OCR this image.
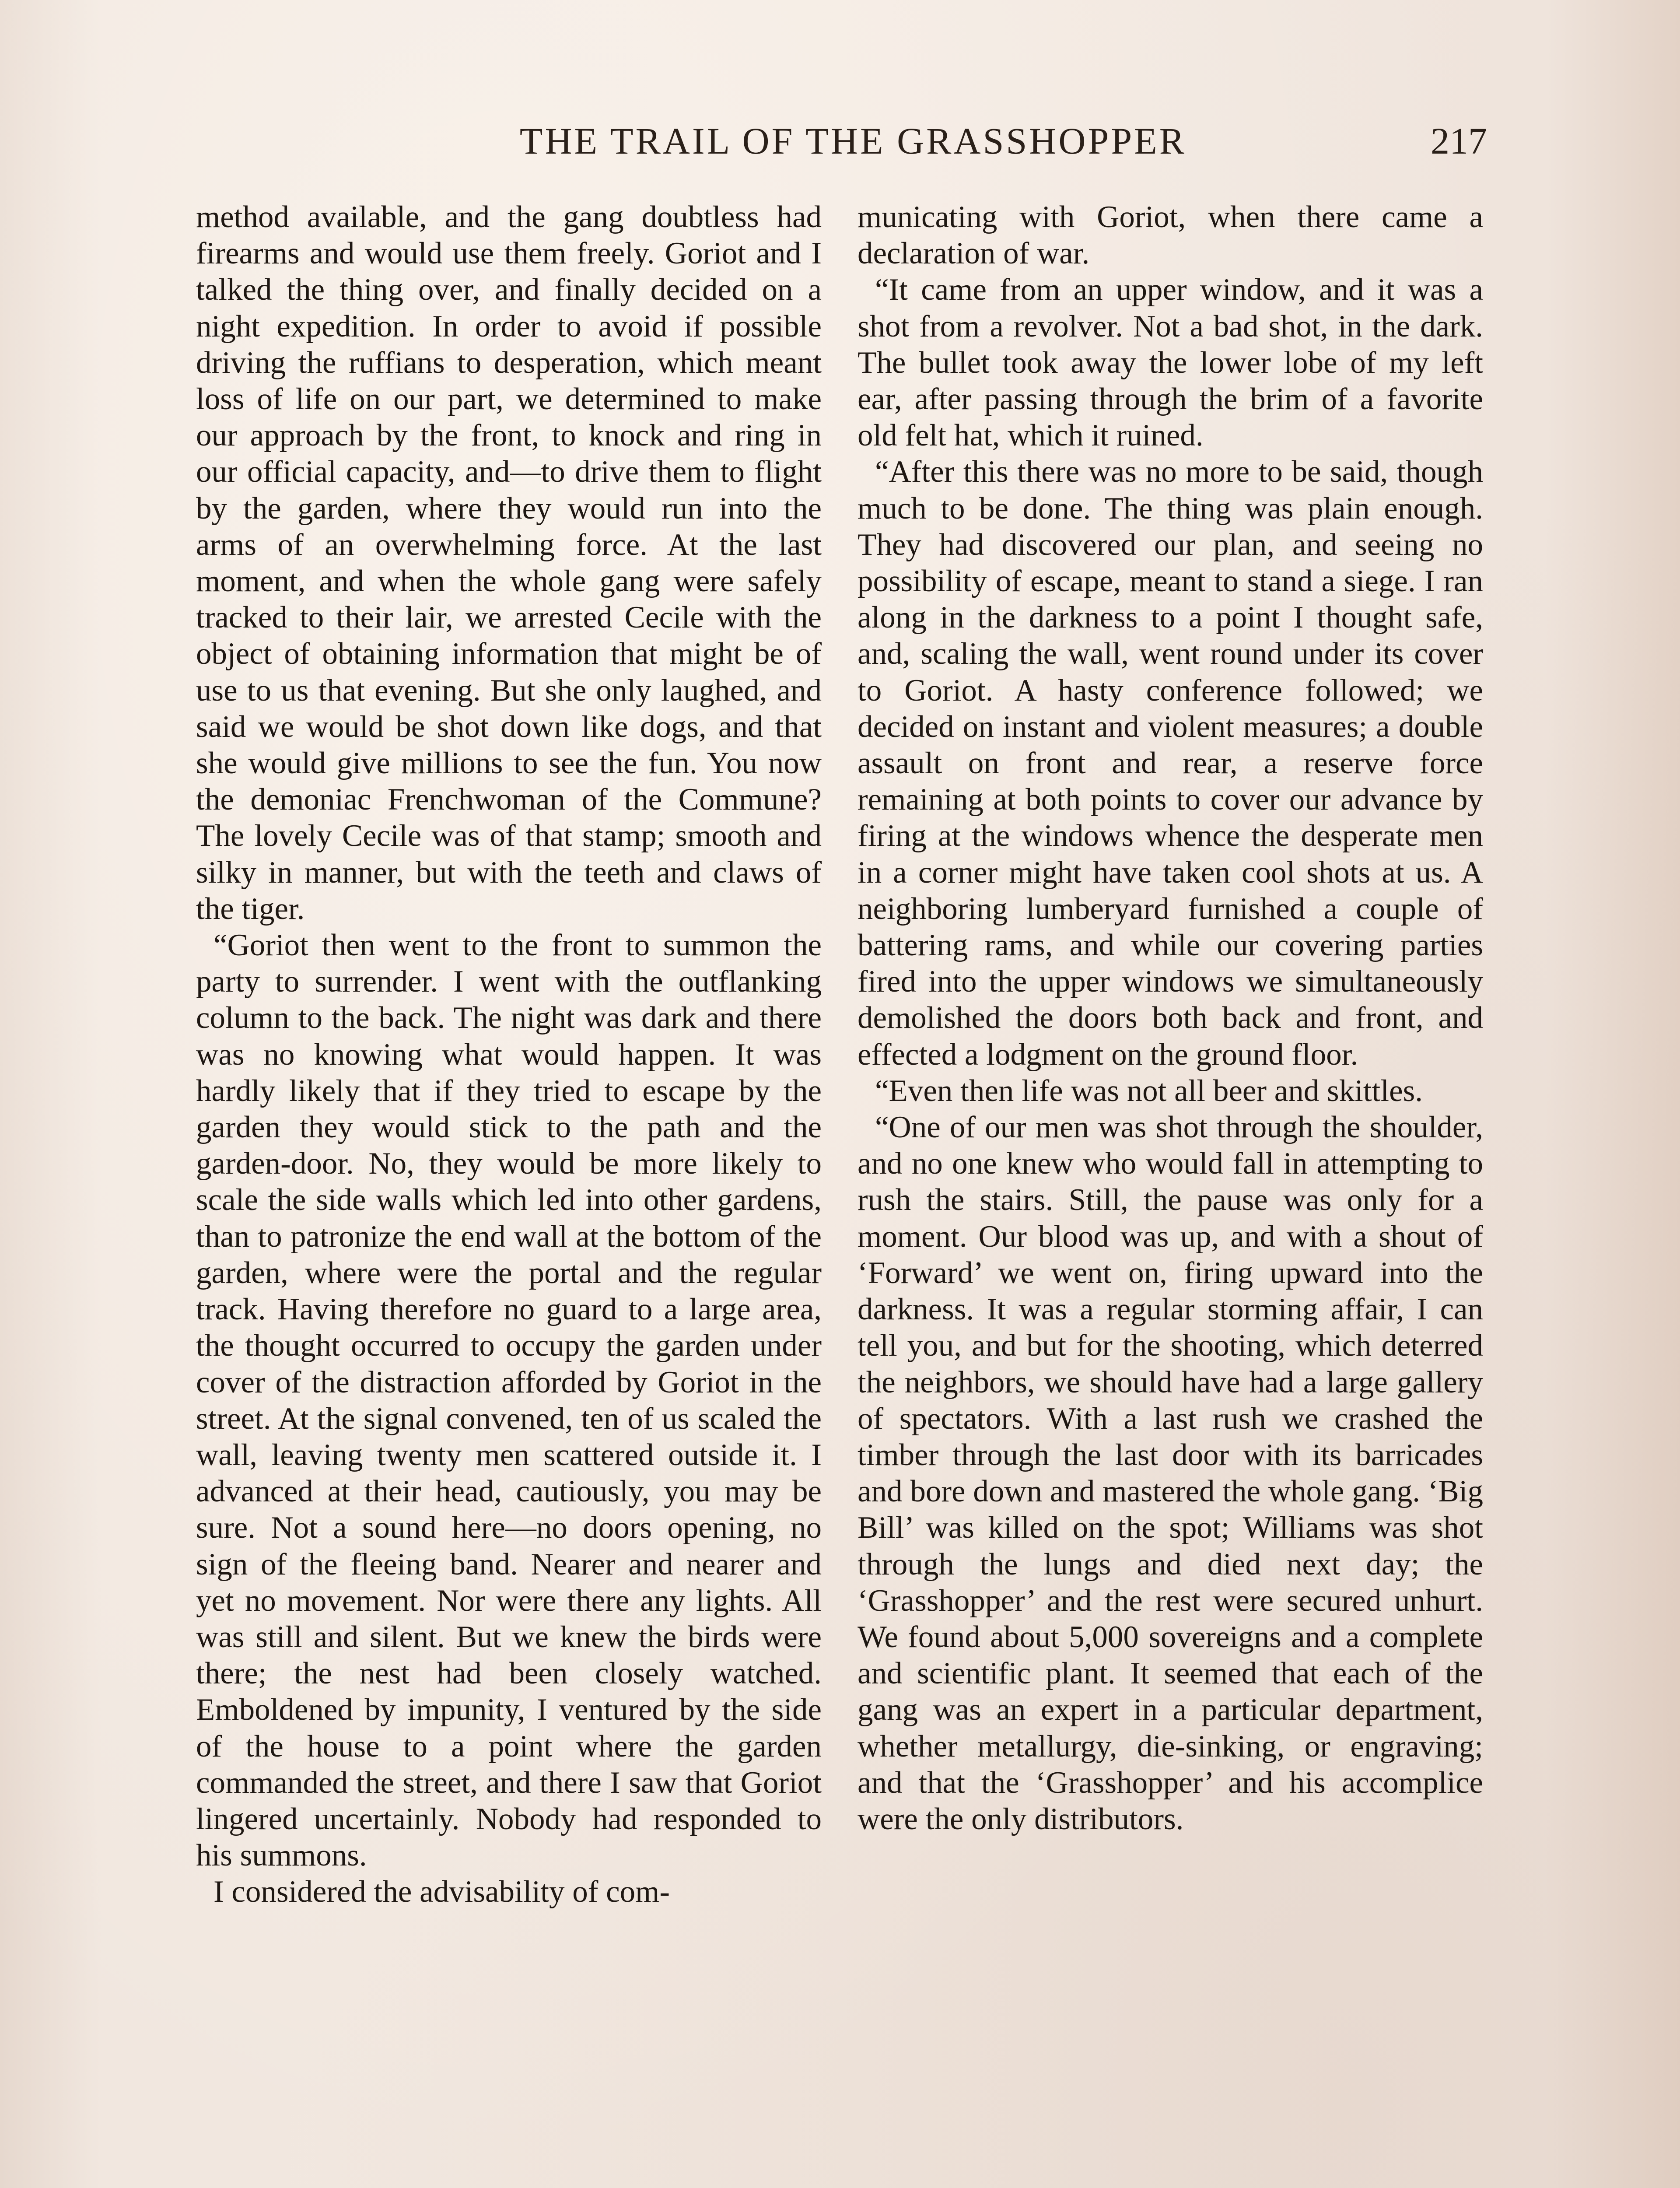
THE TRAIL OF THE GRASSHOPPER	217

method available, and the gang doubtless had firearms and would use them freely. Goriot and I talked the thing over, and finally decided on a night expedition. In order to avoid if possible driving the ruffians to desperation, which meant loss of life on our part, we determined to make our approach by the front, to knock and ring in our official capacity, and—to drive them to flight by the garden, where they would run into the arms of an overwhelming force. At the last moment, and when the whole gang were safely tracked to their lair, we arrested Cecile with the object of obtaining information that might be of use to us that evening. But she only laughed, and said we would be shot down like dogs, and that she would give millions to see the fun. You now the demoniac Frenchwoman of the Commune? The lovely Cecile was of that stamp; smooth and silky in manner, but with the teeth and claws of the tiger.

“Goriot then went to the front to summon the party to surrender. I went with the outflanking column to the back. The night was dark and there was no knowing what would happen. It was hardly likely that if they tried to escape by the garden they would stick to the path and the garden-door. No, they would be more likely to scale the side walls which led into other gardens, than to patronize the end wall at the bottom of the garden, where were the portal and the regular track. Having therefore no guard to a large area, the thought occurred to occupy the garden under cover of the distraction afforded by Goriot in the street. At the signal convened, ten of us scaled the wall, leaving twenty men scattered outside it. I advanced at their head, cautiously, you may be sure. Not a sound here—no doors opening, no sign of the fleeing band. Nearer and nearer and yet no movement. Nor were there any lights. All was still and silent. But we knew the birds were there; the nest had been closely watched. Emboldened by impunity, I ventured by the side of the house to a point where the garden commanded the street, and there I saw that Goriot lingered uncertainly. Nobody had responded to his summons.

I considered the advisability of com-

municating with Goriot, when there came a declaration of war.

“It came from an upper window, and it was a shot from a revolver. Not a bad shot, in the dark. The bullet took away the lower lobe of my left ear, after passing through the brim of a favorite old felt hat, which it ruined.

“After this there was no more to be said, though much to be done. The thing was plain enough. They had discovered our plan, and seeing no possibility of escape, meant to stand a siege. I ran along in the darkness to a point I thought safe, and, scaling the wall, went round under its cover to Goriot. A hasty conference followed; we decided on instant and violent measures; a double assault on front and rear, a reserve force remaining at both points to cover our advance by firing at the windows whence the desperate men in a corner might have taken cool shots at us. A neighboring lumberyard furnished a couple of battering rams, and while our covering parties fired into the upper windows we simultaneously demolished the doors both back and front, and effected a lodgment on the ground floor.

“Even then life was not all beer and skittles.

“One of our men was shot through the shoulder, and no one knew who would fall in attempting to rush the stairs. Still, the pause was only for a moment. Our blood was up, and with a shout of ‘Forward’ we went on, firing upward into the darkness. It was a regular storming affair, I can tell you, and but for the shooting, which deterred the neighbors, we should have had a large gallery of spectators. With a last rush we crashed the timber through the last door with its barricades and bore down and mastered the whole gang. ‘Big Bill’ was killed on the spot; Williams was shot through the lungs and died next day; the ‘Grasshopper’ and the rest were secured unhurt. We found about 5,000 sovereigns and a complete and scientific plant. It seemed that each of the gang was an expert in a particular department, whether metallurgy, die-sinking, or engraving; and that the ‘Grasshopper’ and his accomplice were the only distributors.
